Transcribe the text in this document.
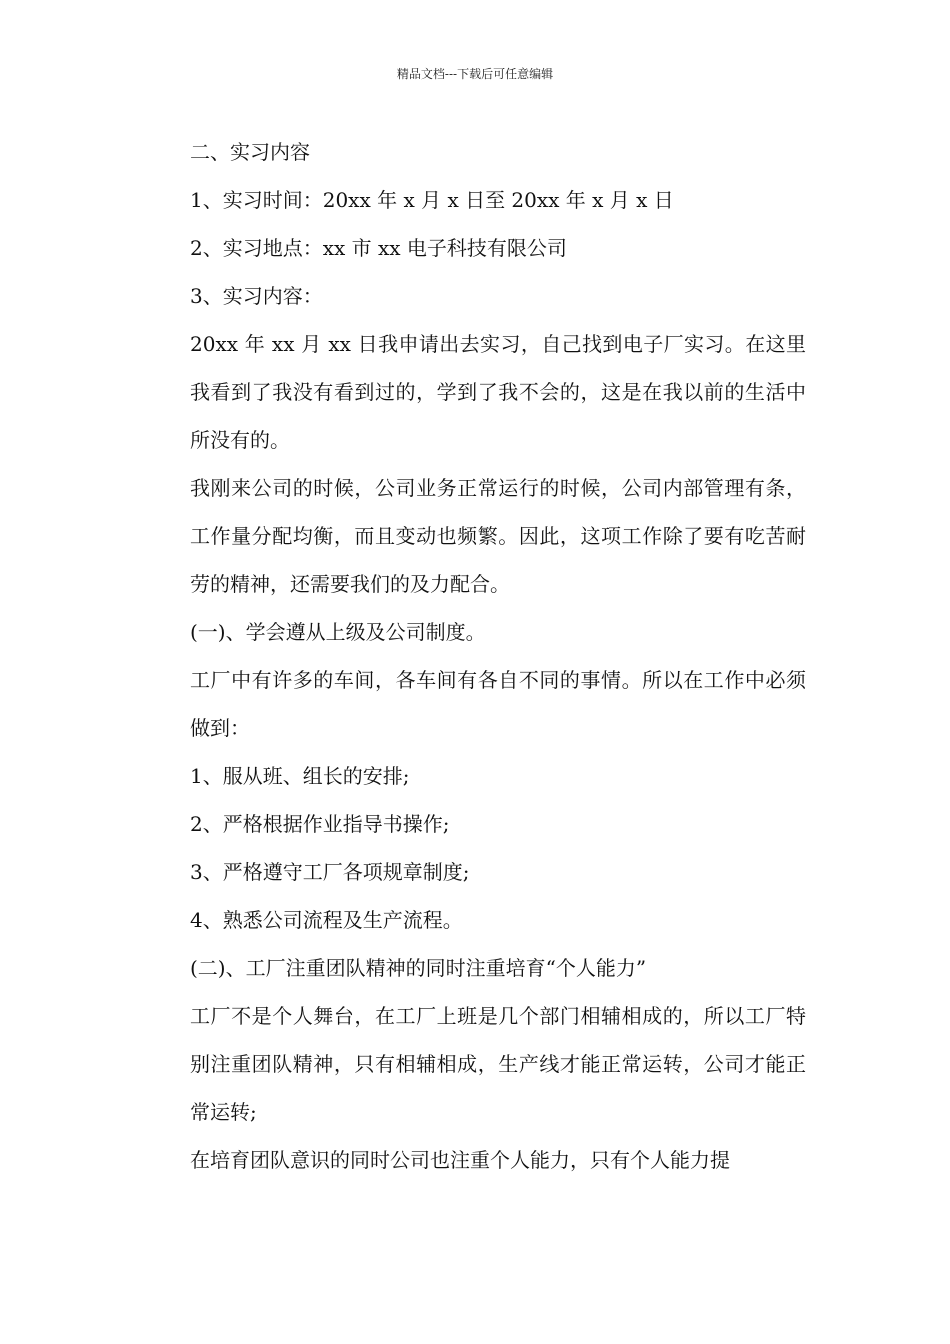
精品文档---下载后可任意编辑

二、实习内容

1、实习时间：20xx 年 x 月 x 日至 20xx 年 x 月 x 日

2、实习地点：xx 市 xx 电子科技有限公司

3、实习内容：

20xx 年 xx 月 xx 日我申请出去实习，自己找到电子厂实习。在这里我看到了我没有看到过的，学到了我不会的，这是在我以前的生活中所没有的。

我刚来公司的时候，公司业务正常运行的时候，公司内部管理有条，工作量分配均衡，而且变动也频繁。因此，这项工作除了要有吃苦耐劳的精神，还需要我们的及力配合。

(一)、学会遵从上级及公司制度。

工厂中有许多的车间，各车间有各自不同的事情。所以在工作中必须做到：

1、服从班、组长的安排;

2、严格根据作业指导书操作;

3、严格遵守工厂各项规章制度;

4、熟悉公司流程及生产流程。

(二)、工厂注重团队精神的同时注重培育“个人能力”

工厂不是个人舞台，在工厂上班是几个部门相辅相成的，所以工厂特别注重团队精神，只有相辅相成，生产线才能正常运转，公司才能正常运转;

在培育团队意识的同时公司也注重个人能力，只有个人能力提
